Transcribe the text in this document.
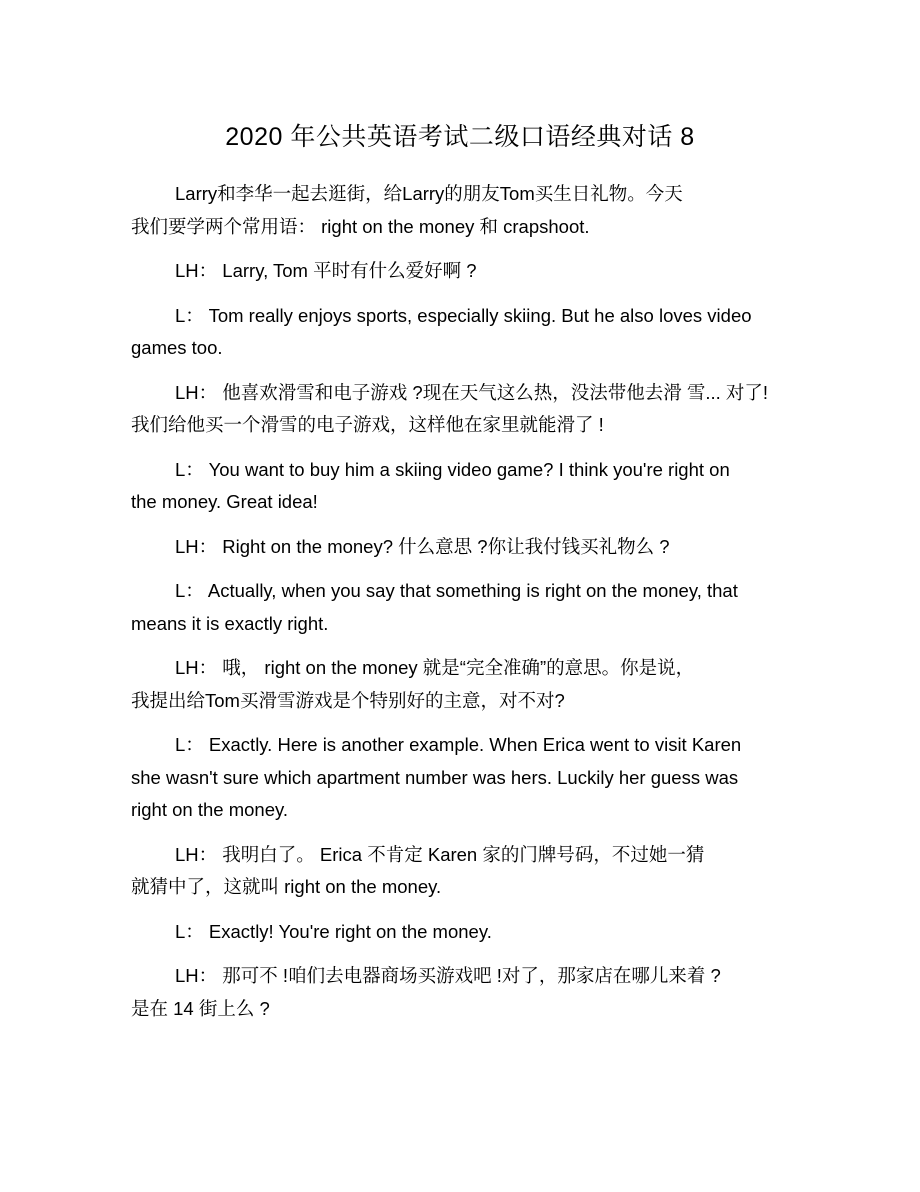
2020 年公共英语考试二级口语经典对话 8

Larry和李华一起去逛街，给Larry的朋友Tom买生日礼物。今天
我们要学两个常用语： right on the money 和 crapshoot.

LH： Larry, Tom 平时有什么爱好啊 ?

L： Tom really enjoys sports, especially skiing. But he also loves video
games too.

LH： 他喜欢滑雪和电子游戏 ?现在天气这么热，没法带他去滑 雪... 对了!
我们给他买一个滑雪的电子游戏，这样他在家里就能滑了 !

L： You want to buy him a skiing video game? I think you're right on
the money. Great idea!

LH： Right on the money? 什么意思 ?你让我付钱买礼物么 ?

L： Actually, when you say that something is right on the money, that
means it is exactly right.

LH： 哦， right on the money 就是“完全准确”的意思。你是说，
我提出给Tom买滑雪游戏是个特别好的主意，对不对?

L： Exactly. Here is another example. When Erica went to visit Karen
she wasn't sure which apartment number was hers. Luckily her guess was
right on the money.

LH： 我明白了。 Erica 不肯定 Karen 家的门牌号码，不过她一猜
就猜中了，这就叫 right on the money.

L： Exactly! You're right on the money.

LH： 那可不 !咱们去电器商场买游戏吧 !对了，那家店在哪儿来着 ?
是在 14 街上么 ?
